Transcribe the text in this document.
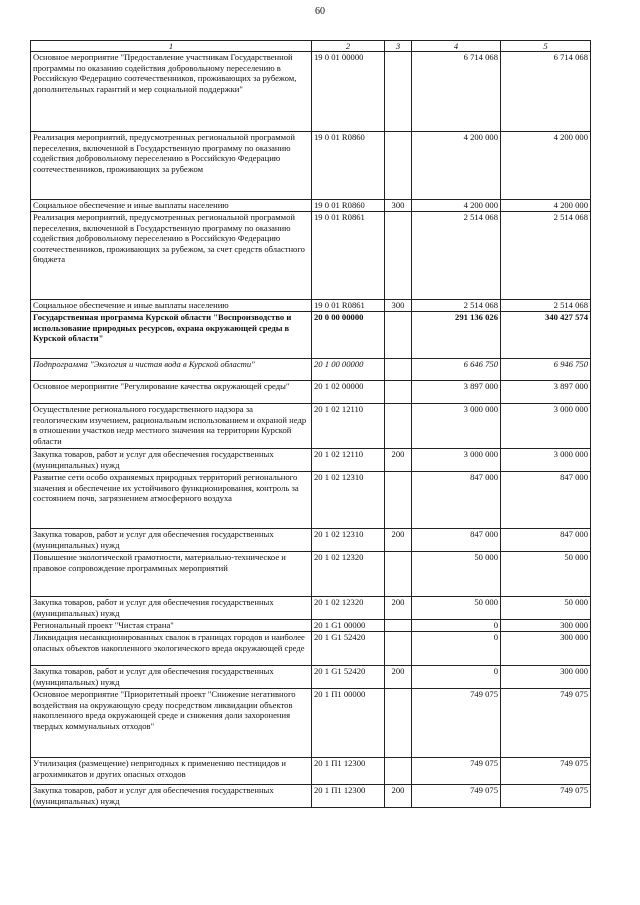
60
1	2	3	4	5
Основное мероприятие "Предоставление участникам Государственной программы по оказанию содействия добровольному переселению в Российскую Федерацию соотечественников, проживающих за рубежом, дополнительных гарантий и мер социальной поддержки"	19 0 01 00000		6 714 068	6 714 068
Реализация мероприятий, предусмотренных региональной программой переселения, включенной в Государственную программу по оказанию содействия добровольному переселению в Российскую Федерацию соотечественников, проживающих за рубежом	19 0 01 R0860		4 200 000	4 200 000
Социальное обеспечение и иные выплаты населению	19 0 01 R0860	300	4 200 000	4 200 000
Реализация мероприятий, предусмотренных региональной программой переселения, включенной в Государственную программу по оказанию содействия добровольному переселению в Российскую Федерацию соотечественников, проживающих за рубежом, за счет средств областного бюджета	19 0 01 R0861		2 514 068	2 514 068
Социальное обеспечение и иные выплаты населению	19 0 01 R0861	300	2 514 068	2 514 068
Государственная программа Курской области "Воспроизводство и использование природных ресурсов, охрана окружающей среды в Курской области"	20 0 00 00000		291 136 026	340 427 574
Подпрограмма "Экология и чистая вода в Курской области"	20 1 00 00000		6 646 750	6 946 750
Основное мероприятие "Регулирование качества окружающей среды"	20 1 02 00000		3 897 000	3 897 000
Осуществление регионального государственного надзора за геологическим изучением, рациональным использованием и охраной недр в отношении участков недр местного значения на территории Курской области	20 1 02 12110		3 000 000	3 000 000
Закупка товаров, работ и услуг для обеспечения государственных (муниципальных) нужд	20 1 02 12110	200	3 000 000	3 000 000
Развитие сети особо охраняемых природных территорий регионального значения и обеспечение их устойчивого функционирования, контроль за состоянием почв, загрязнением атмосферного воздуха	20 1 02 12310		847 000	847 000
Закупка товаров, работ и услуг для обеспечения государственных (муниципальных) нужд	20 1 02 12310	200	847 000	847 000
Повышение экологической грамотности, материально-техническое и правовое сопровождение программных мероприятий	20 1 02 12320		50 000	50 000
Закупка товаров, работ и услуг для обеспечения государственных (муниципальных) нужд	20 1 02 12320	200	50 000	50 000
Региональный проект "Чистая страна"	20 1 G1 00000		0	300 000
Ликвидация несанкционированных свалок в границах городов и наиболее опасных объектов накопленного экологического вреда окружающей среде	20 1 G1 52420		0	300 000
Закупка товаров, работ и услуг для обеспечения государственных (муниципальных) нужд	20 1 G1 52420	200	0	300 000
Основное мероприятие "Приоритетный проект "Снижение негативного воздействия на окружающую среду посредством ликвидации объектов накопленного вреда окружающей среде и снижения доли захоронения твердых коммунальных отходов"	20 1 П1 00000		749 075	749 075
Утилизация (размещение) непригодных к применению пестицидов и агрохимикатов и других опасных отходов	20 1 П1 12300		749 075	749 075
Закупка товаров, работ и услуг для обеспечения государственных (муниципальных) нужд	20 1 П1 12300	200	749 075	749 075
